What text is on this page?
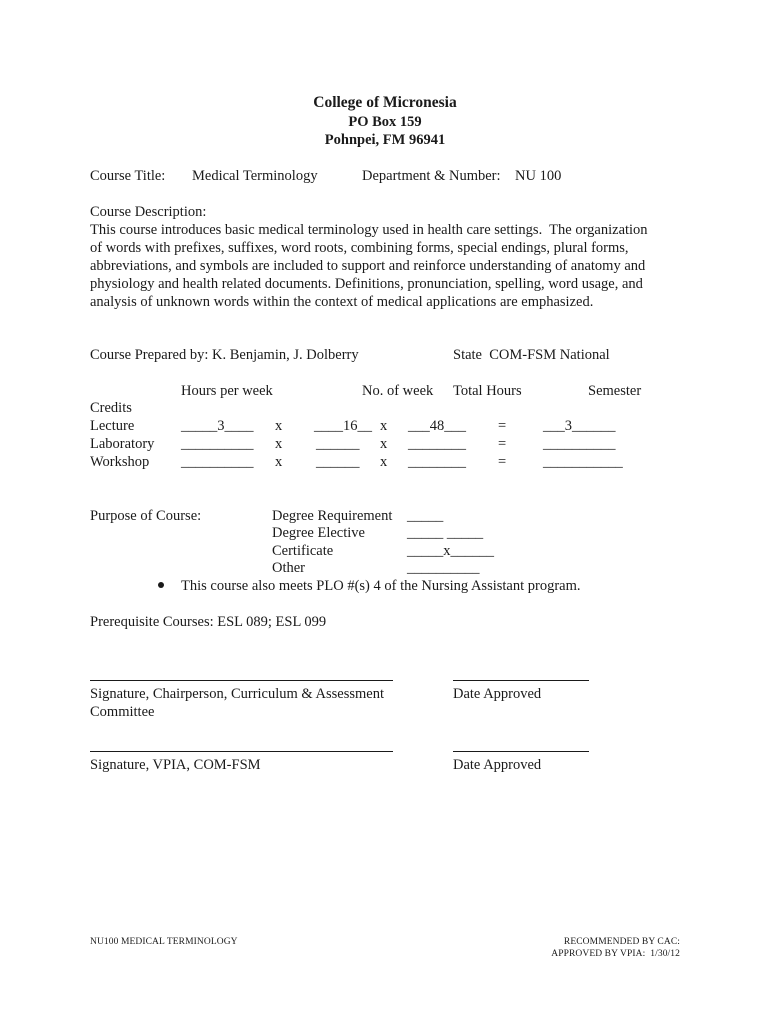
College of Micronesia
PO Box 159
Pohnpei, FM 96941
Course Title: Medical Terminology	Department & Number: NU 100
Course Description:
This course introduces basic medical terminology used in health care settings.  The organization
of words with prefixes, suffixes, word roots, combining forms, special endings, plural forms,
abbreviations, and symbols are included to support and reinforce understanding of anatomy and
physiology and health related documents. Definitions, pronunciation, spelling, word usage, and
analysis of unknown words within the context of medical applications are emphasized.
Course Prepared by: K. Benjamin, J. Dolberry	State  COM-FSM National
Hours per week	No. of week Total Hours	Semester
Credits
Lecture	_____3____ x ____16__ x ___48___ =	___3______
Laboratory __________ x ______ x ________ =	__________
Workshop __________ x ______ x ________ =	___________
Purpose of Course:	Degree Requirement _____
Degree Elective	_____ _____
Certificate	_____x______
Other	__________
This course also meets PLO #(s) 4 of the Nursing Assistant program.
Prerequisite Courses: ESL 089; ESL 099
Signature, Chairperson, Curriculum & Assessment
Committee
Date Approved
Signature, VPIA, COM-FSM	Date Approved
NU100 MEDICAL TERMINOLOGY	RECOMMENDED BY CAC:
APPROVED BY VPIA:  1/30/12
